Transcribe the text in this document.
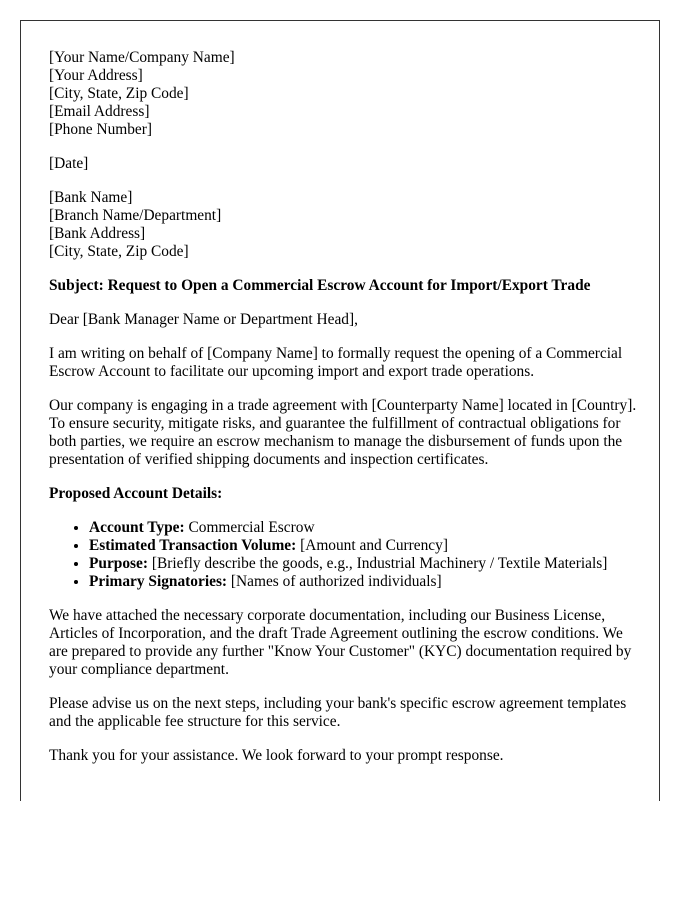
[Your Name/Company Name]
[Your Address]
[City, State, Zip Code]
[Email Address]
[Phone Number]
[Date]
[Bank Name]
[Branch Name/Department]
[Bank Address]
[City, State, Zip Code]

Subject: Request to Open a Commercial Escrow Account for Import/Export Trade

Dear [Bank Manager Name or Department Head],

I am writing on behalf of [Company Name] to formally request the opening of a Commercial Escrow Account to facilitate our upcoming import and export trade operations.

Our company is engaging in a trade agreement with [Counterparty Name] located in [Country]. To ensure security, mitigate risks, and guarantee the fulfillment of contractual obligations for both parties, we require an escrow mechanism to manage the disbursement of funds upon the presentation of verified shipping documents and inspection certificates.

Proposed Account Details:

• Account Type: Commercial Escrow
• Estimated Transaction Volume: [Amount and Currency]
• Purpose: [Briefly describe the goods, e.g., Industrial Machinery / Textile Materials]
• Primary Signatories: [Names of authorized individuals]

We have attached the necessary corporate documentation, including our Business License, Articles of Incorporation, and the draft Trade Agreement outlining the escrow conditions. We are prepared to provide any further "Know Your Customer" (KYC) documentation required by your compliance department.

Please advise us on the next steps, including your bank's specific escrow agreement templates and the applicable fee structure for this service.

Thank you for your assistance. We look forward to your prompt response.
